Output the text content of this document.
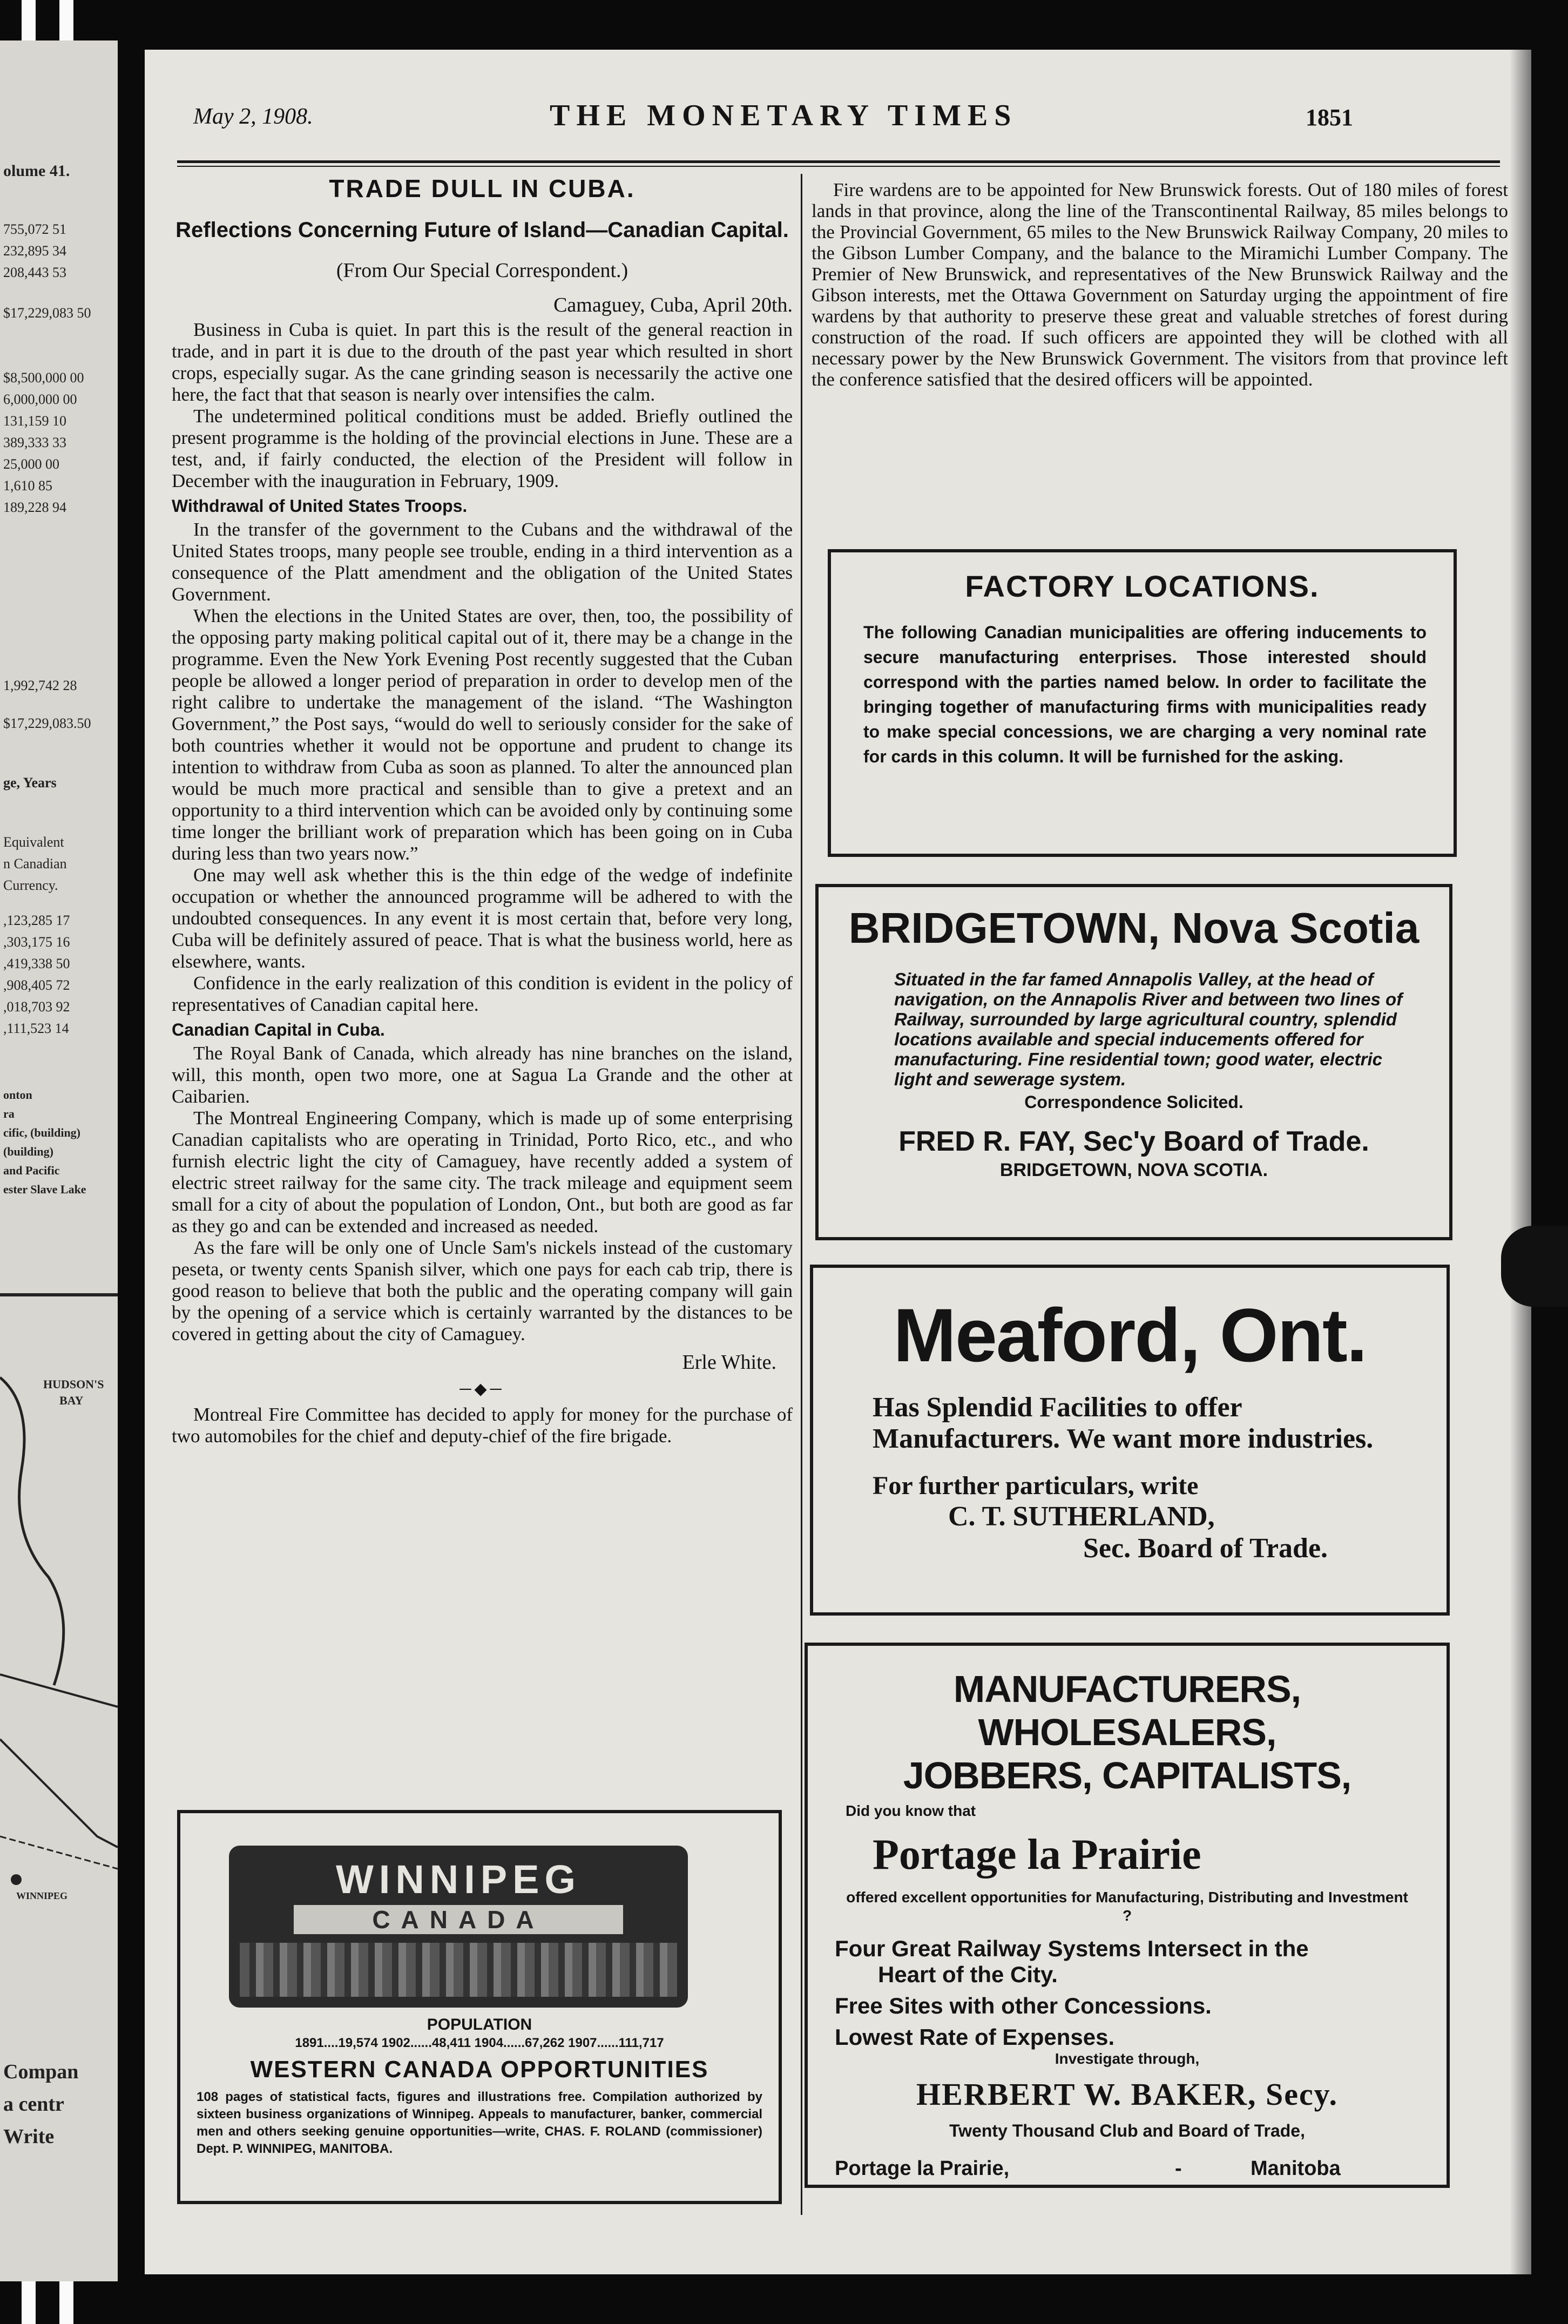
olume 41.
755,072 51
232,895 34
208,443 53
$17,229,083 50
$8,500,000 00
6,000,000 00
131,159 10
389,333 33
25,000 00
1,610 85
189,228 94
1,992,742 28
$17,229,083.50
ge, Years
Equivalent
n Canadian
Currency.
,123,285 17
,303,175 16
,419,338 50
,908,405 72
,018,703 92
,111,523 14
onton
ra
cific, (building)
(building)
and Pacific
ester Slave Lake
HUDSON'S
BAY
WINNIPEG
Compan
a centr
Write
May 2, 1908.	THE MONETARY TIMES	1851
TRADE DULL IN CUBA.
Reflections Concerning Future of Island—Canadian Capital.
(From Our Special Correspondent.)
Camaguey, Cuba, April 20th.

Business in Cuba is quiet. In part this is the result of the general reaction in trade, and in part it is due to the drouth of the past year which resulted in short crops, especially sugar. As the cane grinding season is necessarily the active one here, the fact that that season is nearly over intensifies the calm.

The undetermined political conditions must be added. Briefly outlined the present programme is the holding of the provincial elections in June. These are a test, and, if fairly conducted, the election of the President will follow in December with the inauguration in February, 1909.

Withdrawal of United States Troops.

In the transfer of the government to the Cubans and the withdrawal of the United States troops, many people see trouble, ending in a third intervention as a consequence of the Platt amendment and the obligation of the United States Government.

When the elections in the United States are over, then, too, the possibility of the opposing party making political capital out of it, there may be a change in the programme. Even the New York Evening Post recently suggested that the Cuban people be allowed a longer period of preparation in order to develop men of the right calibre to undertake the management of the island. “The Washington Government,” the Post says, “would do well to seriously consider for the sake of both countries whether it would not be opportune and prudent to change its intention to withdraw from Cuba as soon as planned. To alter the announced plan would be much more practical and sensible than to give a pretext and an opportunity to a third intervention which can be avoided only by continuing some time longer the brilliant work of preparation which has been going on in Cuba during less than two years now.”

One may well ask whether this is the thin edge of the wedge of indefinite occupation or whether the announced programme will be adhered to with the undoubted consequences. In any event it is most certain that, before very long, Cuba will be definitely assured of peace. That is what the business world, here as elsewhere, wants.

Confidence in the early realization of this condition is evident in the policy of representatives of Canadian capital here.

Canadian Capital in Cuba.

The Royal Bank of Canada, which already has nine branches on the island, will, this month, open two more, one at Sagua La Grande and the other at Caibarien.

The Montreal Engineering Company, which is made up of some enterprising Canadian capitalists who are operating in Trinidad, Porto Rico, etc., and who furnish electric light the city of Camaguey, have recently added a system of electric street railway for the same city. The track mileage and equipment seem small for a city of about the population of London, Ont., but both are good as far as they go and can be extended and increased as needed.

As the fare will be only one of Uncle Sam's nickels instead of the customary peseta, or twenty cents Spanish silver, which one pays for each cab trip, there is good reason to believe that both the public and the operating company will gain by the opening of a service which is certainly warranted by the distances to be covered in getting about the city of Camaguey.

Erle White.
─◆─

Montreal Fire Committee has decided to apply for money for the purchase of two automobiles for the chief and deputy-chief of the fire brigade.

WINNIPEG
CANADA
POPULATION
1891....19,574 1902......48,411 1904......67,262 1907......111,717
WESTERN CANADA OPPORTUNITIES
108 pages of statistical facts, figures and illustrations free. Compilation authorized by sixteen business organizations of Winnipeg. Appeals to manufacturer, banker, commercial men and others seeking genuine opportunities—write, CHAS. F. ROLAND (commissioner) Dept. P. WINNIPEG, MANITOBA.

Fire wardens are to be appointed for New Brunswick forests. Out of 180 miles of forest lands in that province, along the line of the Transcontinental Railway, 85 miles belongs to the Provincial Government, 65 miles to the New Brunswick Railway Company, 20 miles to the Gibson Lumber Company, and the balance to the Miramichi Lumber Company. The Premier of New Brunswick, and representatives of the New Brunswick Railway and the Gibson interests, met the Ottawa Government on Saturday urging the appointment of fire wardens by that authority to preserve these great and valuable stretches of forest during construction of the road. If such officers are appointed they will be clothed with all necessary power by the New Brunswick Government. The visitors from that province left the conference satisfied that the desired officers will be appointed.

FACTORY LOCATIONS.
The following Canadian municipalities are offering inducements to secure manufacturing enterprises. Those interested should correspond with the parties named below. In order to facilitate the bringing together of manufacturing firms with municipalities ready to make special concessions, we are charging a very nominal rate for cards in this column. It will be furnished for the asking.
BRIDGETOWN, Nova Scotia
Situated in the far famed Annapolis Valley, at the head of navigation, on the Annapolis River and between two lines of Railway, surrounded by large agricultural country, splendid locations available and special inducements offered for manufacturing. Fine residential town; good water, electric light and sewerage system.
Correspondence Solicited.
FRED R. FAY, Sec'y Board of Trade.
BRIDGETOWN, NOVA SCOTIA.
Meaford, Ont.
Has Splendid Facilities to offer Manufacturers. We want more industries.
For further particulars, write
C. T. SUTHERLAND,
Sec. Board of Trade.
MANUFACTURERS, WHOLESALERS,
JOBBERS, CAPITALISTS,
Did you know that
Portage la Prairie
offered excellent opportunities for Manufacturing, Distributing and Investment ?
Four Great Railway Systems Intersect in the
Heart of the City.
Free Sites with other Concessions.
Lowest Rate of Expenses.
Investigate through,
HERBERT W. BAKER, Secy.
Twenty Thousand Club and Board of Trade,
Portage la Prairie,	-	Manitoba
